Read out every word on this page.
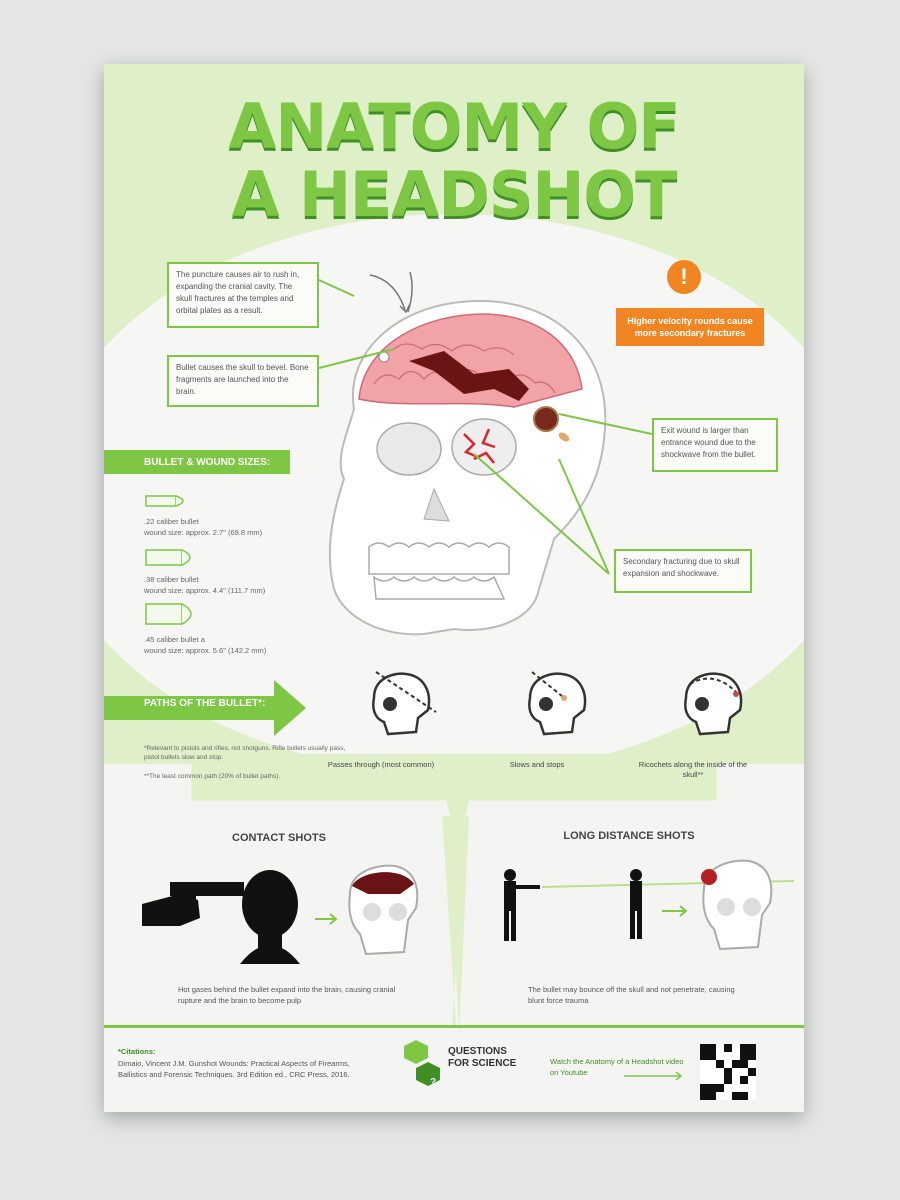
ANATOMY OF
A HEADSHOT
The puncture causes air to rush in, expanding the cranial cavity. The skull fractures at the temples and orbital plates as a result.
Bullet causes the skull to bevel. Bone fragments are launched into the brain.
Exit wound is larger than entrance wound due to the shockwave from the bullet.
Secondary fracturing due to skull expansion and shockwave.
!
Higher velocity rounds cause more secondary fractures
BULLET & WOUND SIZES:
.22 caliber bullet
wound size: approx. 2.7" (69.8 mm)
.38 caliber bullet
wound size: approx. 4.4" (111.7 mm)
.45 caliber bullet a
wound size: approx. 5.6" (142.2 mm)
PATHS OF THE BULLET*:
*Relevant to pistols and rifles, not shotguns. Rifle bullets usually pass, pistol bullets slow and stop.
**The least common path (20% of bullet paths).
Passes through (most common)	Slows and stops	Ricochets along the inside of the skull**
CONTACT SHOTS
Hot gases behind the bullet expand into the brain, causing cranial rupture and the brain to become pulp
LONG DISTANCE SHOTS
The bullet may bounce off the skull and not penetrate, causing blunt force trauma
*Citations:
Dimaio, Vincent J.M. Gunshot Wounds: Practical Aspects of Firearms, Ballistics and Forensic Techniques. 3rd Edition ed., CRC Press, 2016.
?
QUESTIONS
FOR SCIENCE	Watch the Anatomy of a Headshot video on Youtube
